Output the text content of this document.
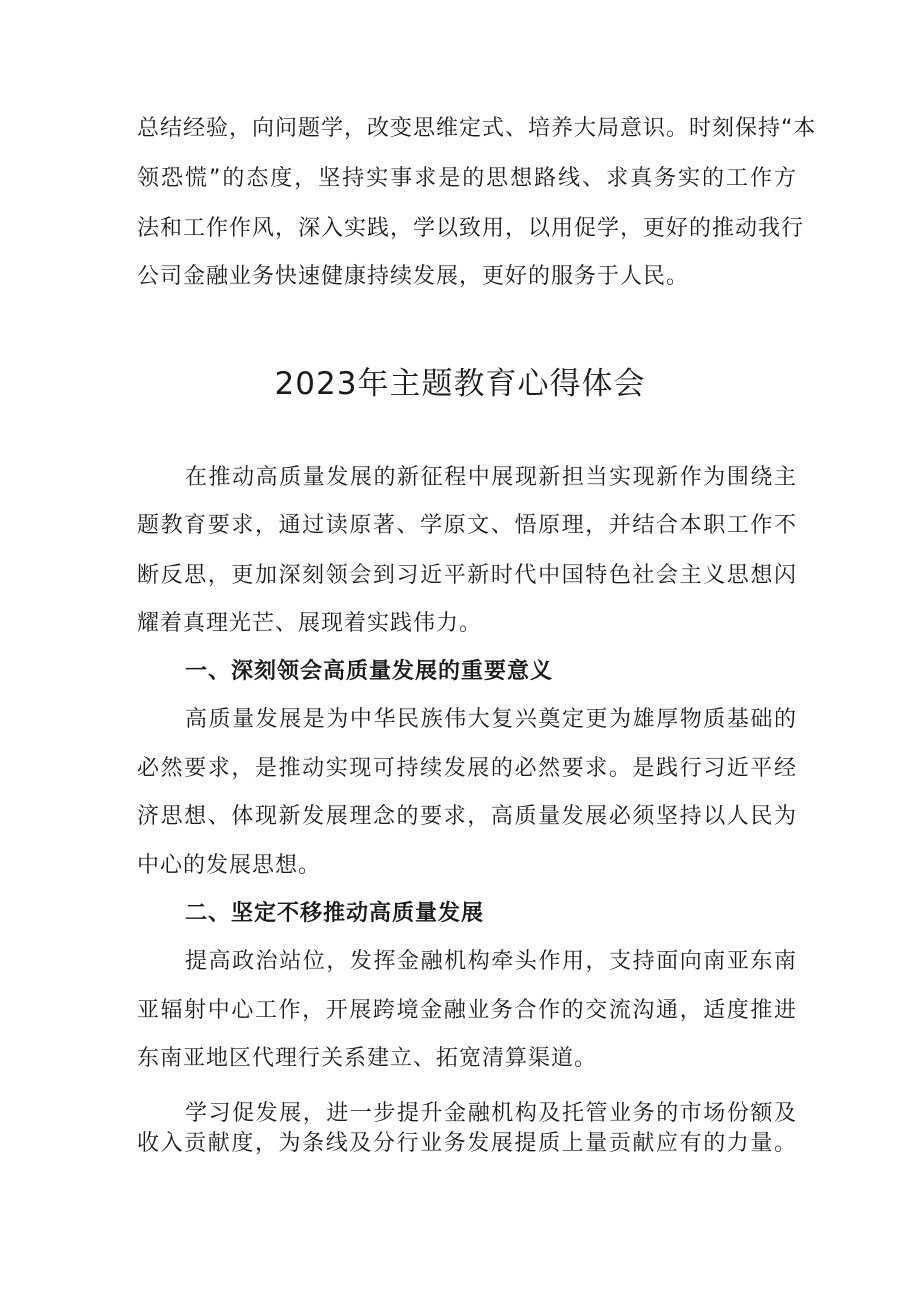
总结经验，向问题学，改变思维定式、培养大局意识。时刻保持“本
领恐慌”的态度，坚持实事求是的思想路线、求真务实的工作方
法和工作作风，深入实践，学以致用，以用促学，更好的推动我行
公司金融业务快速健康持续发展，更好的服务于人民。
2023年主题教育心得体会
在推动高质量发展的新征程中展现新担当实现新作为围绕主
题教育要求，通过读原著、学原文、悟原理，并结合本职工作不
断反思，更加深刻领会到习近平新时代中国特色社会主义思想闪
耀着真理光芒、展现着实践伟力。
一、深刻领会高质量发展的重要意义
高质量发展是为中华民族伟大复兴奠定更为雄厚物质基础的
必然要求，是推动实现可持续发展的必然要求。是践行习近平经
济思想、体现新发展理念的要求，高质量发展必须坚持以人民为
中心的发展思想。
二、坚定不移推动高质量发展
提高政治站位，发挥金融机构牵头作用，支持面向南亚东南
亚辐射中心工作，开展跨境金融业务合作的交流沟通，适度推进
东南亚地区代理行关系建立、拓宽清算渠道。
学习促发展，进一步提升金融机构及托管业务的市场份额及
收入贡献度，为条线及分行业务发展提质上量贡献应有的力量。
